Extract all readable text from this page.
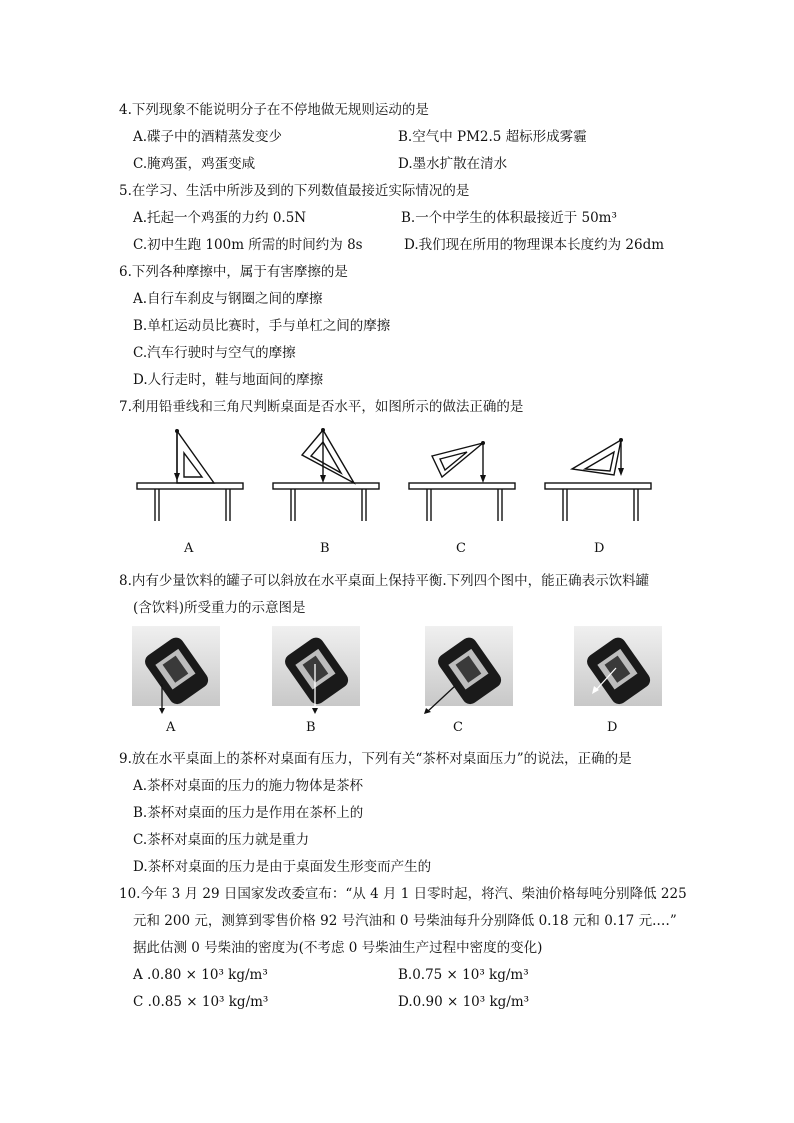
4.下列现象不能说明分子在不停地做无规则运动的是
A.碟子中的酒精蒸发变少	B.空气中 PM2.5 超标形成雾霾
C.腌鸡蛋，鸡蛋变咸	D.墨水扩散在清水
5.在学习、生活中所涉及到的下列数值最接近实际情况的是
A.托起一个鸡蛋的力约 0.5N	B.一个中学生的体积最接近于 50m³
C.初中生跑 100m 所需的时间约为 8s	D.我们现在所用的物理课本长度约为 26dm
6.下列各种摩擦中，属于有害摩擦的是
A.自行车刹皮与钢圈之间的摩擦
B.单杠运动员比赛时，手与单杠之间的摩擦
C.汽车行驶时与空气的摩擦
D.人行走时，鞋与地面间的摩擦
7.利用铅垂线和三角尺判断桌面是否水平，如图所示的做法正确的是
A	B	C	D
8.内有少量饮料的罐子可以斜放在水平桌面上保持平衡.下列四个图中，能正确表示饮料罐
(含饮料)所受重力的示意图是
A	B	C	D
9.放在水平桌面上的茶杯对桌面有压力，下列有关“茶杯对桌面压力”的说法，正确的是
A.茶杯对桌面的压力的施力物体是茶杯
B.茶杯对桌面的压力是作用在茶杯上的
C.茶杯对桌面的压力就是重力
D.茶杯对桌面的压力是由于桌面发生形变而产生的
10.今年 3 月 29 日国家发改委宣布：“从 4 月 1 日零时起，将汽、柴油价格每吨分别降低 225
元和 200 元，测算到零售价格 92 号汽油和 0 号柴油每升分别降低 0.18 元和 0.17 元.…”
据此估测 0 号柴油的密度为(不考虑 0 号柴油生产过程中密度的变化)
A .0.80 × 10³ kg/m³	B.0.75 × 10³ kg/m³
C .0.85 × 10³ kg/m³	D.0.90 × 10³ kg/m³
